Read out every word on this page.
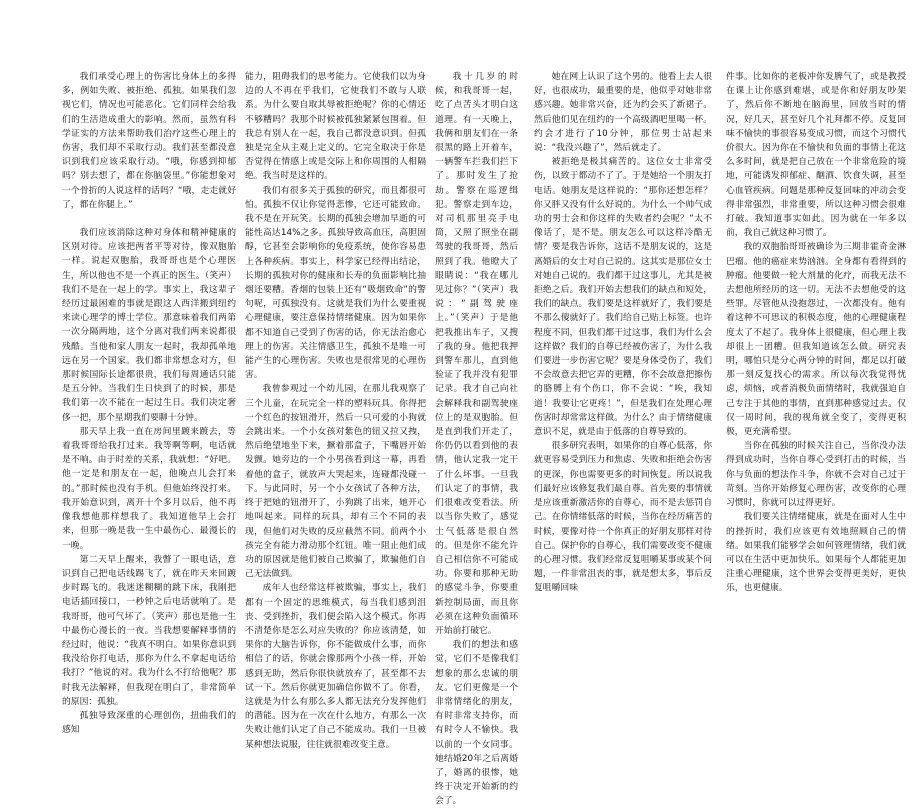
我们承受心理上的伤害比身体上的多得多，例如失败、被拒绝、孤独。如果我们忽视它们，情况也可能恶化。它们同样会给我们的生活造成重大的影响。然而，虽然有科学证实的方法来帮助我们治疗这些心理上的伤害，我们却不采取行动。我们甚至都没意识到我们应该采取行动。“哦，你感到抑郁吗？别去想了，都在你脑袋里。”你能想象对一个骨折的人说这样的话吗？“哦，走走就好了，都在你腿上。”

我们应该消除这种对身体和精神健康的区别对待。应该把两者平等对待，像双胞胎一样。说起双胞胎，我哥哥也是个心理医生，所以他也不是一个真正的医生。（笑声）我们不是在一起上的学。事实上，我这辈子经历过最困难的事就是跟这人西洋搬到纽约来读心理学的博士学位。那意味着我们两第一次分隔两地，这个分离对我们两来说都很残酷。当他和家人朋友一起时，我却孤单地远在另一个国家。我们都非常想念对方，但那时候国际长途都很贵，我们每周通话只能是五分钟。当我们生日快到了的时候，那是我们第一次不能在一起过生日。我们决定奢侈一把，那个星期我们要聊十分钟。

那天早上我一直在房间里踱来踱去，等着我哥哥给我打过来。我等啊等啊，电话就是不响。由于时差的关系，我就想：“好吧。他一定是和朋友在一起，他晚点儿会打来的。”那时候也没有手机。但他始终没打来。我开始意识到，离开十个多月以后，他不再像我想他那样想我了。我知道他早上会打来，但那一晚是我一生中最伤心、最漫长的一晚。

第二天早上醒来，我瞥了一眼电话，意识到自己把电话线踢飞了，就在昨天来回踱步时踢飞的。我迷迷糊糊的跳下床，我刚把电话插回接口，一秒钟之后电话就响了。是我哥哥，他可气坏了。（笑声）那也是他一生中最伤心漫长的一夜。当我想要解释事情的经过时，他说：“我真不明白。如果你意识到我没给你打电话，那你为什么不拿起电话给我打？”他说的对。我为什么不打给他呢？那时我无法解释，但我现在明白了，非常简单的原因：孤独。

孤独导致深重的心理创伤，扭曲我们的感知

能力，阻碍我们的思考能力。它使我们以为身边的人不再在乎我们，它使我们不敢与人联系。为什么要自取其辱被拒绝呢？你的心情还不够糟吗？我那个时候被孤独紧紧包围着。但我总有别人在一起，我自己都没意识到。但孤独是完全从主观上定义的。它完全取决于你是否觉得在情感上或是交际上和你周围的人相隔绝。我当时是这样的。

我们有很多关于孤独的研究，而且都很可怕。孤独不仅让你觉得悲惨，它还可能致命。我不是在开玩笑。长期的孤独会增加早逝的可能性高达14%之多。孤独导致高血压，高胆固醇，它甚至会影响你的免疫系统，使你容易患上各种疾病。事实上，科学家已经得出结论，长期的孤独对你的健康和长寿的负面影响比抽烟还要糟。香烟的包装上还有“吸烟致命”的警句呢，可孤独没有。这就是我们为什么要重视心理健康，要注意保持情绪健康。因为如果你都不知道自己受到了伤害的话，你无法治愈心理上的伤害。关注情感卫生，孤独不是唯一可能产生的心理伤害。失败也是很常见的心理伤害。

我曾参观过一个幼儿园，在那儿我观察了三个儿童，在玩完全一样的塑料玩具。你得把一个红色的按钮滑开，然后一只可爱的小狗就会跳出来。一个小女孩对紫色的钮又拉又拽，然后绝望地坐下来，撅着那盒子，下嘴唇开始发颤。她旁边的一个小男孩看到这一幕，再看着他的盒子，就放声大哭起来，连碰都没碰一下。与此同时，另一个小女孩试了各种方法，终于把她的钮滑开了，小狗跳了出来，她开心地叫起来。同样的玩具，却有三个不同的表现，但他们对失败的反应截然不同。前两个小孩完全有能力滑动那个红钮。唯一阻止他们成功的原因就是他们被自己欺骗了，欺骗他们自己无法做到。

成年人也经常这样被欺骗，事实上，我们都有一个固定的思维模式，每当我们感到沮丧、受到挫折，我们便会陷入这个模式。你再不清楚你是怎么对应失败的？你应该清楚，如果你的大脑告诉你，你不能做成什么事，而你相信了的话，你就会像那两个小孩一样，开始感到无助，然后你很快就放弃了，甚至都不去试一下。然后你就更加确信你做不了。你看，这就是为什么有那么多人都无法充分发挥他们的潜能。因为在一次在什么地方，有那么一次失败让他们认定了自己不能成功。我们一旦被某种想法说服，往往就很难改变主意。

我十几岁的时候，和我哥哥一起，吃了点苦头才明白这道理。有一天晚上，我俩和朋友们在一条很黑的路上开着车，一辆警车拦我们拦下了。那时发生了抢劫。警察在巡逻缉犯。警察走到车边，对司机那里亮手电筒，又照了照坐在副驾驶的我哥哥，然后照到了我。他瞪大了眼睛说：“我在哪儿见过你？”（笑声）我说：“副驾驶座上。”（笑声）于是他把我推出车子，又搜了我的身。他把我押到警车那儿，直到他验证了我并没有犯罪记录。我才自己向社会解释我和副驾驶座位上的是双胞胎。但是直到我们开走了，你仍仍以看到他的表情，他认定我一定干了什么坏事。一旦我们认定了的事情，我们很难改变看法。所以当你失败了，感觉士气低落是很自然的。但是你不能允许自己相信你不可能成功。你要和那种无助的感觉斗争，你要重新控制局面，而且你必须在这种负面循环开始前打破它。

我们的想法和感觉，它们不是像我们想象的那么忠诚的朋友。它们更像是一个非常情绪化的朋友，有时非常支持你，而有时令人不愉快。我以前的一个女同事。她结婚20年之后离婚了，婚离的很惨，她终于决定开始新的约会了。

她在网上认识了这个男的。他看上去人很好，也很成功，最重要的是，他似乎对她非常感兴趣。她非常兴奋，还为约会买了新裙子。然后他们见在纽约的一个高级酒吧里喝一杯。约会才进行了10分钟，那位男士站起来说：“我没兴趣了”，然后就走了。

被拒绝是极其痛苦的。这位女士非常受伤，以致于都动不了了。于是她给一个朋友打电话。她朋友是这样说的：“那你还想怎样？你又胖又没有什么好说的。为什么一个帅气成功的男士会和你这样的失败者约会呢？”太不像话了，是不是。朋友怎么可以这样冷酷无情？要是我告诉你，这话不是朋友说的，这是离婚后的女士对自己说的。这其实是那位女士对她自己说的。我们都干过这事儿，尤其是被拒绝之后。我们开始去想我们的缺点和短处，我们的缺点。我们要是这样就好了，我们要是不那么傻就好了。我们给自己贴上标签。也许程度不同，但我们都干过这事，我们为什么会这样做？我们的自尊已经被伤害了，为什么我们要进一步伤害它呢？要是身体受伤了，我们不会故意去把它弄的更糟，你不会故意把擦伤的胳膊上有个伤口，你不会说：“唉，我知道！我要让它更疼！”，但是我们在处理心理伤害时却常常这样做。为什么？由于情绪健康意识不足，就是由于低落的自尊导致的。

很多研究表明，如果你的自尊心低落，你就更容易受到压力和焦虑、失败和拒绝会伤害的更深，你也需要更多的时间恢复。所以说我们最好应该修复我们最自尊。首先要的事情就是应该重新激活你的自尊心，而不是去惩罚自己。在你情绪低落的时候，当你在经历痛苦的时候，要像对待一个你真正的好朋友那样对待自己。保护你的自尊心，我们需要改变不健康的心理习惯。我们经常反复咀嚼某事或某个问题，一件非常沮丧的事，就是想太多，事后反复咀嚼回味

件事。比如你的老板冲你发脾气了，或是教授在课上让你感到难堪，或是你和好朋友吵架了，然后你不断地在脑海里，回放当时的情况，好几天，甚至好几个礼拜都不停。反复回味不愉快的事很容易变成习惯，而这个习惯代价很大。因为你在不愉快和负面的事情上花这么多时间，就是把自己放在一个非常危险的境地，可能诱发抑郁症、酗酒、饮食失调，甚至心血管疾病。问题是那种反复回味的冲动会变得非常强烈，非常重要，所以这种习惯会很难打破。我知道事实如此。因为就在一年多以前，我自己就这种习惯了。

我的双胞胎哥哥被确诊为三期非霍奇金淋巴瘤。他的癌症来势汹汹。全身都有看得到的肿瘤。他要做一轮大剂量的化疗，而我无法不去想他所经历的这一切。无法不去想他受的这些罪。尽管他从没抱怨过，一次都没有。他有着这种不可思议的积极态度，他的心理健康程度太了不起了。我身体上很健康，但心理上我却很上一团糟。但我知道该怎么做。研究表明，哪怕只是分心两分钟的时间，都足以打破那一刻反复找心的需求。所以每次我觉得忧虑，烦恼，或者消极负面情绪时，我就强迫自己专注于其他的事情，直到那种感觉过去。仅仅一周时间，我的视角就全变了，变得更积极，更充满希望。

当你在孤独的时候关注自己，当你没办法得到成功时，当你自尊心受到打击的时候，当你与负面的想法作斗争，你就不会对自己过于苛刻。当你开始修复心理伤害，改变你的心理习惯时，你就可以过得更好。

我们要关注情绪健康，就是在面对人生中的挫折时，我们应该更有效地照顾自己的情绪。如果我们能够学会如何管理情绪，我们就可以在生活中更加快乐。如果每个人都能更加注重心理健康，这个世界会变得更美好，更快乐，也更健康。
